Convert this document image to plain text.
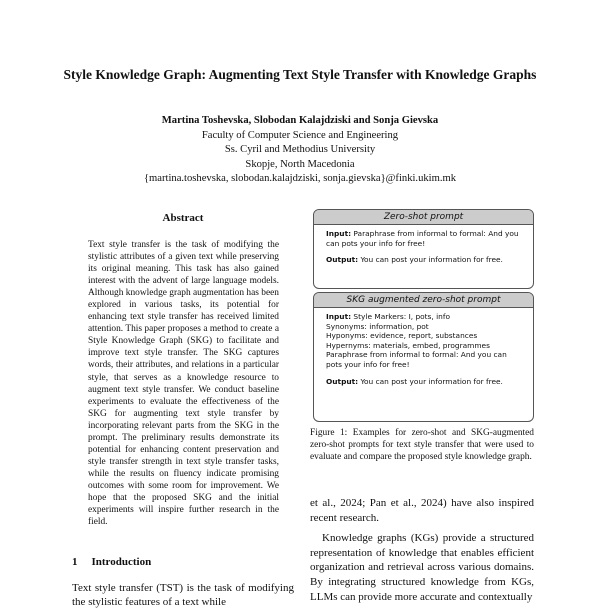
Style Knowledge Graph: Augmenting Text Style Transfer with Knowledge Graphs
Martina Toshevska, Slobodan Kalajdziski and Sonja Gievska
Faculty of Computer Science and Engineering
Ss. Cyril and Methodius University
Skopje, North Macedonia
{martina.toshevska, slobodan.kalajdziski, sonja.gievska}@finki.ukim.mk
Abstract
Text style transfer is the task of modifying the stylistic attributes of a given text while preserving its original meaning. This task has also gained interest with the advent of large language models. Although knowledge graph augmentation has been explored in various tasks, its potential for enhancing text style transfer has received limited attention. This paper proposes a method to create a Style Knowledge Graph (SKG) to facilitate and improve text style transfer. The SKG captures words, their attributes, and relations in a particular style, that serves as a knowledge resource to augment text style transfer. We conduct baseline experiments to evaluate the effectiveness of the SKG for augmenting text style transfer by incorporating relevant parts from the SKG in the prompt. The preliminary results demonstrate its potential for enhancing content preservation and style transfer strength in text style transfer tasks, while the results on fluency indicate promising outcomes with some room for improvement. We hope that the proposed SKG and the initial experiments will inspire further research in the field.
1 Introduction
Text style transfer (TST) is the task of modifying the stylistic features of a text while
Zero-shot prompt

Input: Paraphrase from informal to formal: And you can pots your info for free!

Output: You can post your information for free.

SKG augmented zero-shot prompt

Input: Style Markers: I, pots, info
Synonyms: information, pot
Hyponyms: evidence, report, substances
Hypernyms: materials, embed, programmes
Paraphrase from informal to formal: And you can pots your info for free!

Output: You can post your information for free.

Figure 1: Examples for zero-shot and SKG-augmented zero-shot prompts for text style transfer that were used to evaluate and compare the proposed style knowledge graph.

et al., 2024; Pan et al., 2024) have also inspired recent research.

Knowledge graphs (KGs) provide a structured representation of knowledge that enables efficient organization and retrieval across various domains. By integrating structured knowledge from KGs, LLMs can provide more accurate and contextually
